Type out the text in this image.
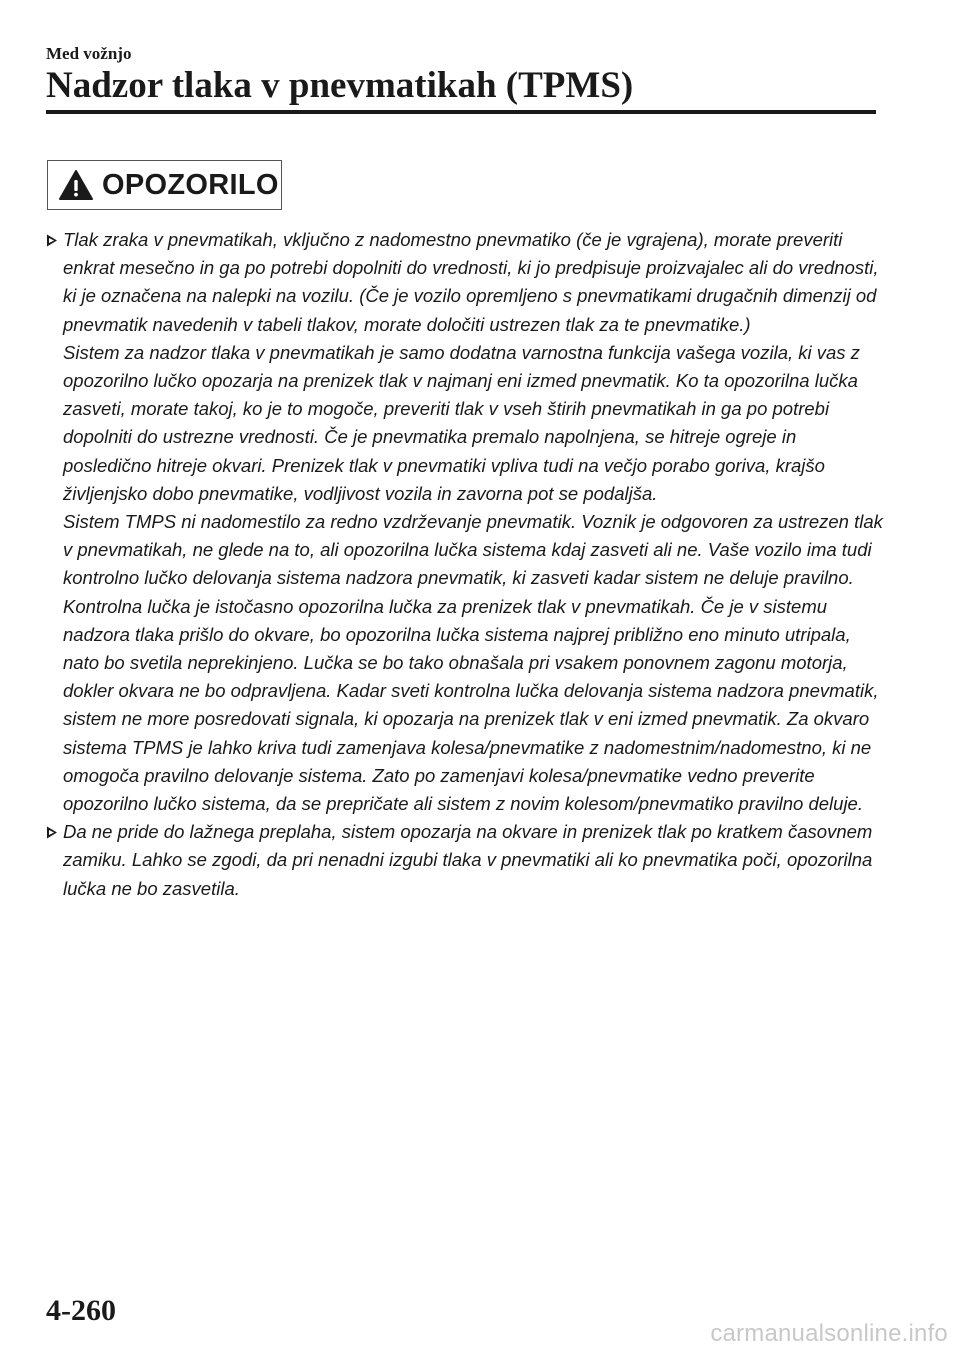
Med vožnjo
Nadzor tlaka v pnevmatikah (TPMS)
OPOZORILO
Tlak zraka v pnevmatikah, vključno z nadomestno pnevmatiko (če je vgrajena), morate preveriti enkrat mesečno in ga po potrebi dopolniti do vrednosti, ki jo predpisuje proizvajalec ali do vrednosti, ki je označena na nalepki na vozilu. (Če je vozilo opremljeno s pnevmatikami drugačnih dimenzij od pnevmatik navedenih v tabeli tlakov, morate določiti ustrezen tlak za te pnevmatike.)
Sistem za nadzor tlaka v pnevmatikah je samo dodatna varnostna funkcija vašega vozila, ki vas z opozorilno lučko opozarja na prenizek tlak v najmanj eni izmed pnevmatik. Ko ta opozorilna lučka zasveti, morate takoj, ko je to mogoče, preveriti tlak v vseh štirih pnevmatikah in ga po potrebi dopolniti do ustrezne vrednosti. Če je pnevmatika premalo napolnjena, se hitreje ogreje in posledično hitreje okvari. Prenizek tlak v pnevmatiki vpliva tudi na večjo porabo goriva, krajšo življenjsko dobo pnevmatike, vodljivost vozila in zavorna pot se podaljša.
Sistem TMPS ni nadomestilo za redno vzdrževanje pnevmatik. Voznik je odgovoren za ustrezen tlak v pnevmatikah, ne glede na to, ali opozorilna lučka sistema kdaj zasveti ali ne. Vaše vozilo ima tudi kontrolno lučko delovanja sistema nadzora pnevmatik, ki zasveti kadar sistem ne deluje pravilno.
Kontrolna lučka je istočasno opozorilna lučka za prenizek tlak v pnevmatikah. Če je v sistemu nadzora tlaka prišlo do okvare, bo opozorilna lučka sistema najprej približno eno minuto utripala, nato bo svetila neprekinjeno. Lučka se bo tako obnašala pri vsakem ponovnem zagonu motorja, dokler okvara ne bo odpravljena. Kadar sveti kontrolna lučka delovanja sistema nadzora pnevmatik, sistem ne more posredovati signala, ki opozarja na prenizek tlak v eni izmed pnevmatik. Za okvaro sistema TPMS je lahko kriva tudi zamenjava kolesa/pnevmatike z nadomestnim/nadomestno, ki ne omogoča pravilno delovanje sistema. Zato po zamenjavi kolesa/pnevmatike vedno preverite opozorilno lučko sistema, da se prepričate ali sistem z novim kolesom/pnevmatiko pravilno deluje.
Da ne pride do lažnega preplaha, sistem opozarja na okvare in prenizek tlak po kratkem časovnem zamiku. Lahko se zgodi, da pri nenadni izgubi tlaka v pnevmatiki ali ko pnevmatika poči, opozorilna lučka ne bo zasvetila.
4-260
carmanualsonline.info
